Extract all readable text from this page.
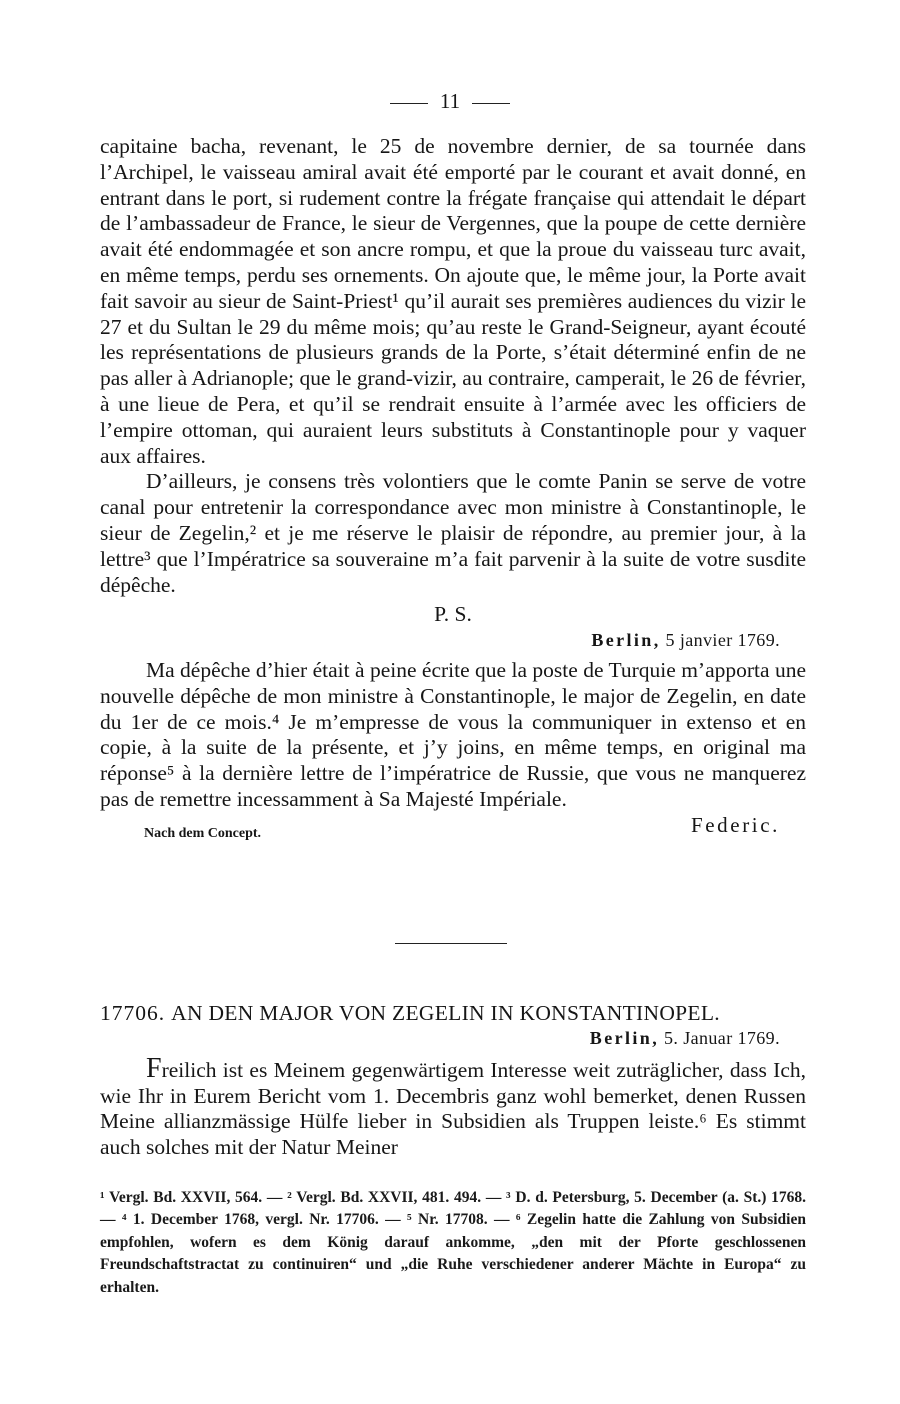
11

capitaine bacha, revenant, le 25 de novembre dernier, de sa tournée dans l’Archipel, le vaisseau amiral avait été emporté par le courant et avait donné, en entrant dans le port, si rudement contre la frégate française qui attendait le départ de l’ambassadeur de France, le sieur de Vergennes, que la poupe de cette dernière avait été endommagée et son ancre rompu, et que la proue du vaisseau turc avait, en même temps, perdu ses ornements. On ajoute que, le même jour, la Porte avait fait savoir au sieur de Saint-Priest¹ qu’il aurait ses premières audiences du vizir le 27 et du Sultan le 29 du même mois; qu’au reste le Grand-Seigneur, ayant écouté les représentations de plusieurs grands de la Porte, s’était déterminé enfin de ne pas aller à Adrianople; que le grand-vizir, au contraire, camperait, le 26 de février, à une lieue de Pera, et qu’il se rendrait ensuite à l’armée avec les officiers de l’empire ottoman, qui auraient leurs substituts à Constantinople pour y vaquer aux affaires.

D’ailleurs, je consens très volontiers que le comte Panin se serve de votre canal pour entretenir la correspondance avec mon ministre à Constantinople, le sieur de Zegelin,² et je me réserve le plaisir de répondre, au premier jour, à la lettre³ que l’Impératrice sa souveraine m’a fait parvenir à la suite de votre susdite dépêche.

P. S.

Berlin, 5 janvier 1769.

Ma dépêche d’hier était à peine écrite que la poste de Turquie m’apporta une nouvelle dépêche de mon ministre à Constantinople, le major de Zegelin, en date du 1er de ce mois.⁴ Je m’empresse de vous la communiquer in extenso et en copie, à la suite de la présente, et j’y joins, en même temps, en original ma réponse⁵ à la dernière lettre de l’impératrice de Russie, que vous ne manquerez pas de remettre incessamment à Sa Majesté Impériale.

Nach dem Concept.	Federic.

17706. AN DEN MAJOR VON ZEGELIN IN KONSTANTINOPEL.

Berlin, 5. Januar 1769.

Freilich ist es Meinem gegenwärtigem Interesse weit zuträglicher, dass Ich, wie Ihr in Eurem Bericht vom 1. Decembris ganz wohl bemerket, denen Russen Meine allianzmässige Hülfe lieber in Subsidien als Truppen leiste.⁶ Es stimmt auch solches mit der Natur Meiner

¹ Vergl. Bd. XXVII, 564. — ² Vergl. Bd. XXVII, 481. 494. — ³ D. d. Petersburg, 5. December (a. St.) 1768. — ⁴ 1. December 1768, vergl. Nr. 17706. — ⁵ Nr. 17708. — ⁶ Zegelin hatte die Zahlung von Subsidien empfohlen, wofern es dem König darauf ankomme, „den mit der Pforte geschlossenen Freundschaftstractat zu continuiren“ und „die Ruhe verschiedener anderer Mächte in Europa“ zu erhalten.
